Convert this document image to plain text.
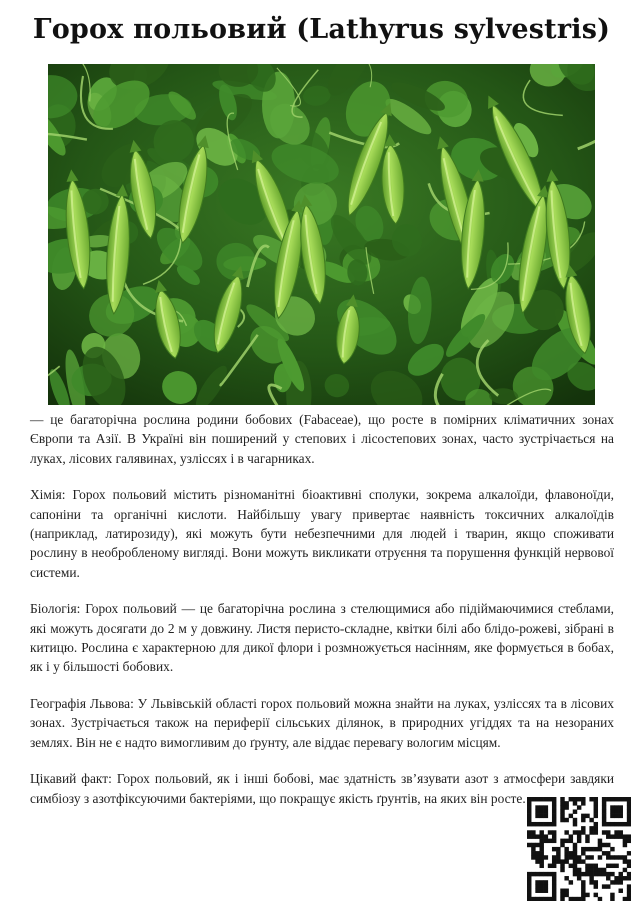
Горох польовий (Lathyrus sylvestris)

— це багаторічна рослина родини бобових (Fabaceae), що росте в помірних кліматичних зонах Європи та Азії. В Україні він поширений у степових і лісостепових зонах, часто зустрічається на луках, лісових галявинах, узліссях і в чагарниках.

Хімія: Горох польовий містить різноманітні біоактивні сполуки, зокрема алкалоїди, флавоноїди, сапоніни та органічні кислоти. Найбільшу увагу привертає наявність токсичних алкалоїдів (наприклад, латирозиду), які можуть бути небезпечними для людей і тварин, якщо споживати рослину в необробленому вигляді. Вони можуть викликати отруєння та порушення функцій нервової системи.

Біологія: Горох польовий — це багаторічна рослина з стелющимися або підіймаючимися стеблами, які можуть досягати до 2 м у довжину. Листя перисто-складне, квітки білі або блідо-рожеві, зібрані в китицю. Рослина є характерною для дикої флори і розмножується насінням, яке формується в бобах, як і у більшості бобових.

Географія Львова: У Львівській області горох польовий можна знайти на луках, узліссях та в лісових зонах. Зустрічається також на периферії сільських ділянок, в природних угіддях та на незораних землях. Він не є надто вимогливим до ґрунту, але віддає перевагу вологим місцям.

Цікавий факт: Горох польовий, як і інші бобові, має здатність зв’язувати азот з атмосфери завдяки симбіозу з азотфіксуючими бактеріями, що покращує якість ґрунтів, на яких він росте.
